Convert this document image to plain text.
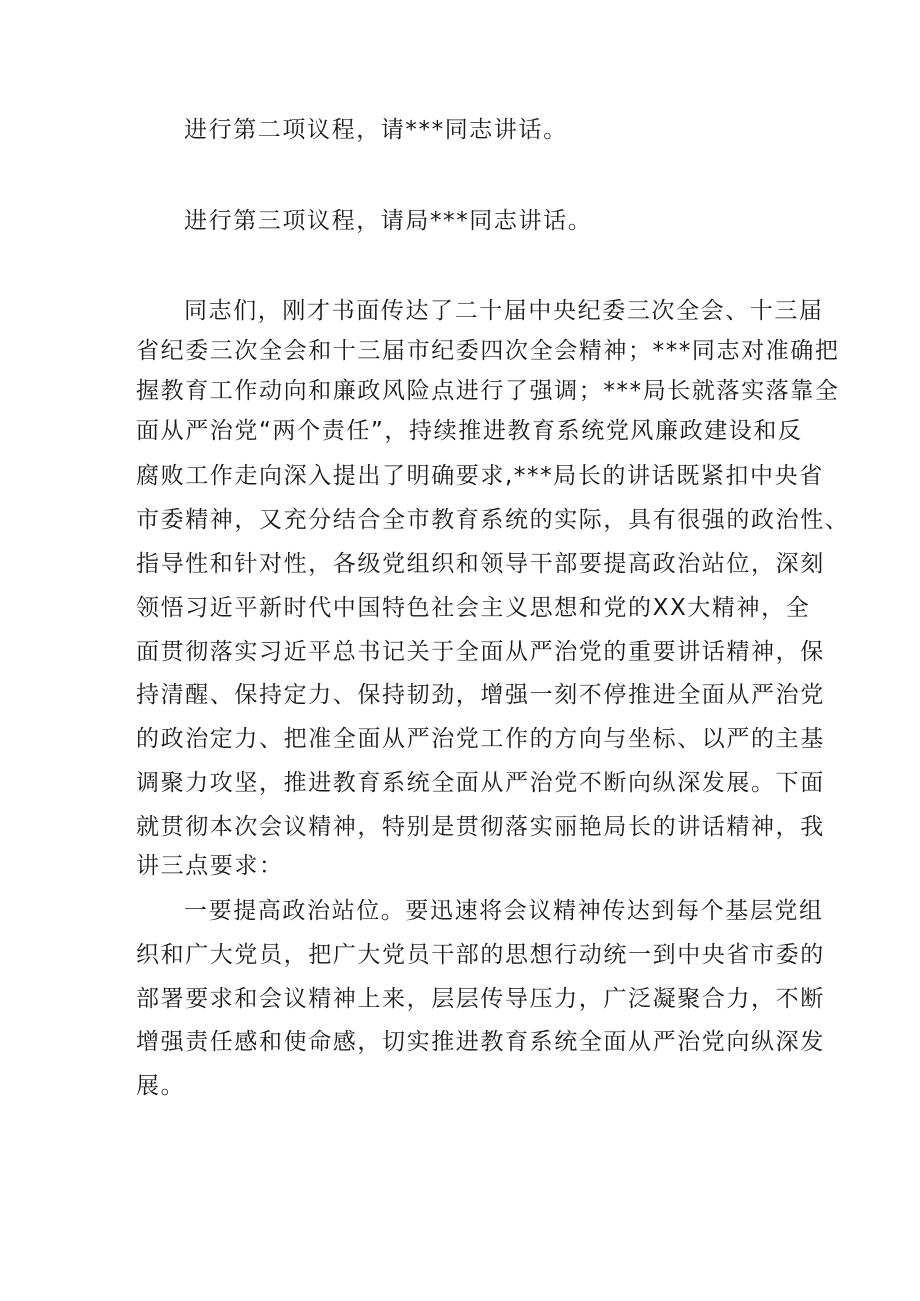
进行第二项议程，请***同志讲话。
进行第三项议程，请局***同志讲话。
同志们，刚才书面传达了二十届中央纪委三次全会、十三届
省纪委三次全会和十三届市纪委四次全会精神；***同志对准确把
握教育工作动向和廉政风险点进行了强调；***局长就落实落靠全
面从严治党“两个责任”，持续推进教育系统党风廉政建设和反
腐败工作走向深入提出了明确要求,***局长的讲话既紧扣中央省
市委精神，又充分结合全市教育系统的实际，具有很强的政治性、
指导性和针对性，各级党组织和领导干部要提高政治站位，深刻
领悟习近平新时代中国特色社会主义思想和党的XX大精神，全
面贯彻落实习近平总书记关于全面从严治党的重要讲话精神，保
持清醒、保持定力、保持韧劲，增强一刻不停推进全面从严治党
的政治定力、把准全面从严治党工作的方向与坐标、以严的主基
调聚力攻坚，推进教育系统全面从严治党不断向纵深发展。下面
就贯彻本次会议精神，特别是贯彻落实丽艳局长的讲话精神，我
讲三点要求：
一要提高政治站位。要迅速将会议精神传达到每个基层党组
织和广大党员，把广大党员干部的思想行动统一到中央省市委的
部署要求和会议精神上来，层层传导压力，广泛凝聚合力，不断
增强责任感和使命感，切实推进教育系统全面从严治党向纵深发
展。
